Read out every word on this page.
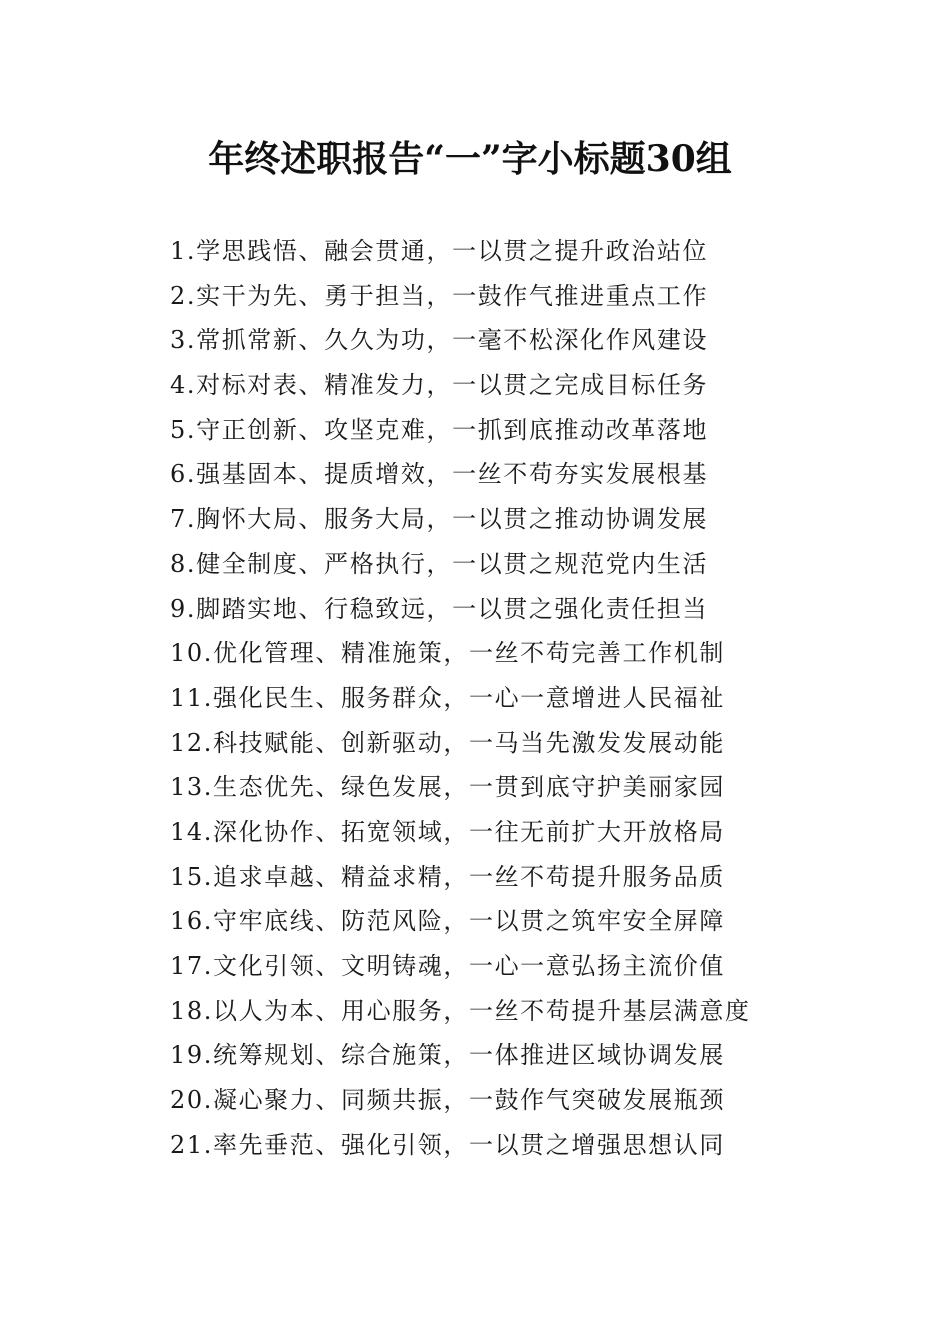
年终述职报告“一”字小标题30组
1.学思践悟、融会贯通，一以贯之提升政治站位
2.实干为先、勇于担当，一鼓作气推进重点工作
3.常抓常新、久久为功，一毫不松深化作风建设
4.对标对表、精准发力，一以贯之完成目标任务
5.守正创新、攻坚克难，一抓到底推动改革落地
6.强基固本、提质增效，一丝不苟夯实发展根基
7.胸怀大局、服务大局，一以贯之推动协调发展
8.健全制度、严格执行，一以贯之规范党内生活
9.脚踏实地、行稳致远，一以贯之强化责任担当
10.优化管理、精准施策，一丝不苟完善工作机制
11.强化民生、服务群众，一心一意增进人民福祉
12.科技赋能、创新驱动，一马当先激发发展动能
13.生态优先、绿色发展，一贯到底守护美丽家园
14.深化协作、拓宽领域，一往无前扩大开放格局
15.追求卓越、精益求精，一丝不苟提升服务品质
16.守牢底线、防范风险，一以贯之筑牢安全屏障
17.文化引领、文明铸魂，一心一意弘扬主流价值
18.以人为本、用心服务，一丝不苟提升基层满意度
19.统筹规划、综合施策，一体推进区域协调发展
20.凝心聚力、同频共振，一鼓作气突破发展瓶颈
21.率先垂范、强化引领，一以贯之增强思想认同
